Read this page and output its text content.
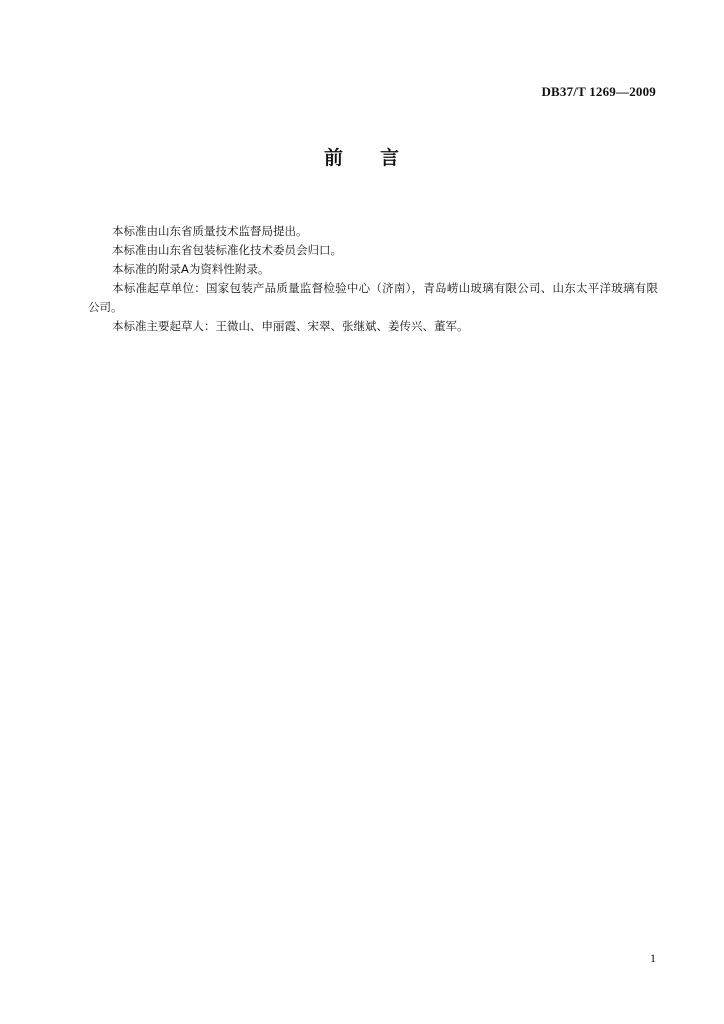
DB37/T 1269—2009
前 言

本标准由山东省质量技术监督局提出。

本标准由山东省包装标准化技术委员会归口。

本标准的附录A为资料性附录。

本标准起草单位：国家包装产品质量监督检验中心（济南），青岛崂山玻璃有限公司、山东太平洋玻璃有限公司。

本标准主要起草人：王微山、申丽霞、宋翠、张继斌、姜传兴、董军。

1
